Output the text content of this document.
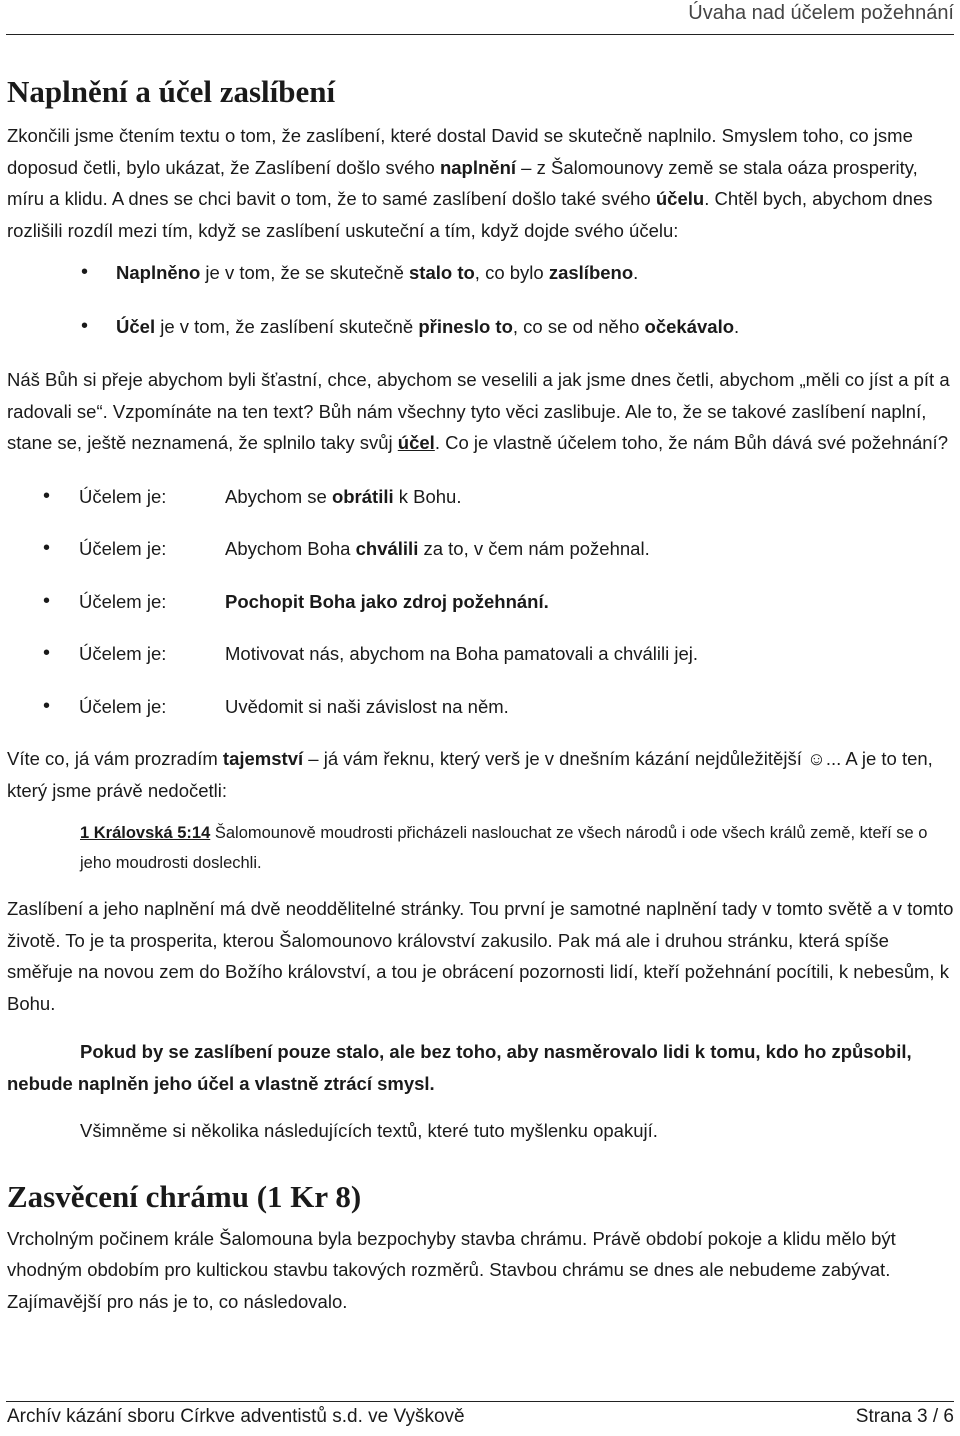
Úvaha nad účelem požehnání
Naplnění a účel zaslíbení

Zkončili jsme čtením textu o tom, že zaslíbení, které dostal David se skutečně naplnilo. Smyslem toho, co jsme doposud četli, bylo ukázat, že Zaslíbení došlo svého naplnění – z Šalomounovy země se stala oáza prosperity, míru a klidu. A dnes se chci bavit o tom, že to samé zaslíbení došlo také svého účelu. Chtěl bych, abychom dnes rozlišili rozdíl mezi tím, když se zaslíbení uskuteční a tím, když dojde svého účelu:

• Naplněno je v tom, že se skutečně stalo to, co bylo zaslíbeno.
• Účel je v tom, že zaslíbení skutečně přineslo to, co se od něho očekávalo.

Náš Bůh si přeje abychom byli šťastní, chce, abychom se veselili a jak jsme dnes četli, abychom „měli co jíst a pít a radovali se“. Vzpomínáte na ten text? Bůh nám všechny tyto věci zaslibuje. Ale to, že se takové zaslíbení naplní, stane se, ještě neznamená, že splnilo taky svůj účel. Co je vlastně účelem toho, že nám Bůh dává své požehnání?

• Účelem je:	Abychom se obrátili k Bohu.
• Účelem je:	Abychom Boha chválili za to, v čem nám požehnal.
• Účelem je:	Pochopit Boha jako zdroj požehnání.
• Účelem je:	Motivovat nás, abychom na Boha pamatovali a chválili jej.
• Účelem je:	Uvědomit si naši závislost na něm.

Víte co, já vám prozradím tajemství – já vám řeknu, který verš je v dnešním kázání nejdůležitější ☺... A je to ten, který jsme právě nedočetli:

1 Královská 5:14 Šalomounově moudrosti přicházeli naslouchat ze všech národů i ode všech králů země, kteří se o jeho moudrosti doslechli.

Zaslíbení a jeho naplnění má dvě neoddělitelné stránky. Tou první je samotné naplnění tady v tomto světě a v tomto životě. To je ta prosperita, kterou Šalomounovo království zakusilo. Pak má ale i druhou stránku, která spíše směřuje na novou zem do Božího království, a tou je obrácení pozornosti lidí, kteří požehnání pocítili, k nebesům, k Bohu.

Pokud by se zaslíbení pouze stalo, ale bez toho, aby nasměrovalo lidi k tomu, kdo ho způsobil, nebude naplněn jeho účel a vlastně ztrácí smysl.

Všimněme si několika následujících textů, které tuto myšlenku opakují.

Zasvěcení chrámu (1 Kr 8)

Vrcholným počinem krále Šalomouna byla bezpochyby stavba chrámu. Právě období pokoje a klidu mělo být vhodným obdobím pro kultickou stavbu takových rozměrů. Stavbou chrámu se dnes ale nebudeme zabývat. Zajímavější pro nás je to, co následovalo.

Archív kázání sboru Církve adventistů s.d. ve Vyškově	Strana 3 / 6
